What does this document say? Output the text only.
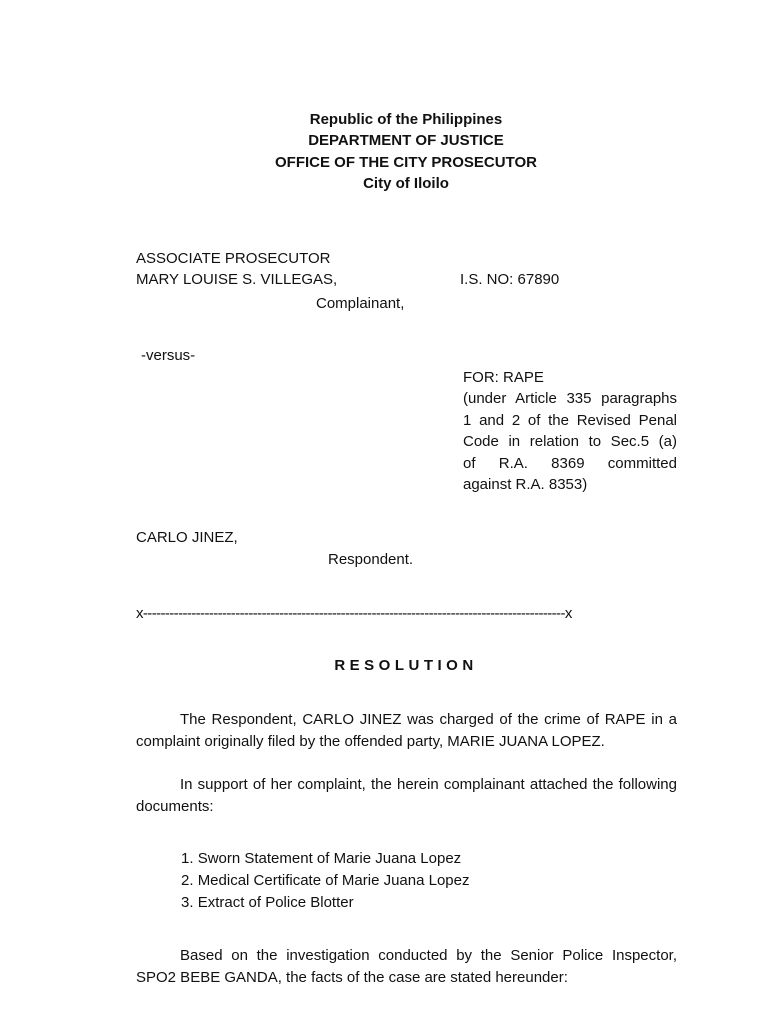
Republic of the Philippines
DEPARTMENT OF JUSTICE
OFFICE OF THE CITY PROSECUTOR
City of Iloilo
ASSOCIATE PROSECUTOR
MARY LOUISE S. VILLEGAS,	I.S. NO: 67890
Complainant,
-versus-
FOR: RAPE
(under Article 335 paragraphs
1 and 2 of the Revised Penal
Code in relation to Sec.5 (a)
of R.A. 8369 committed
against R.A. 8353)
CARLO JINEZ,
Respondent.
x------------------------------------------------------------------------------------------------x
RESOLUTION
The Respondent, CARLO JINEZ was charged of the crime of RAPE in a complaint originally filed by the offended party, MARIE JUANA LOPEZ.
In support of her complaint, the herein complainant attached the following documents:
1. Sworn Statement of Marie Juana Lopez
2. Medical Certificate of Marie Juana Lopez
3. Extract of Police Blotter
Based on the investigation conducted by the Senior Police Inspector, SPO2 BEBE GANDA, the facts of the case are stated hereunder:
